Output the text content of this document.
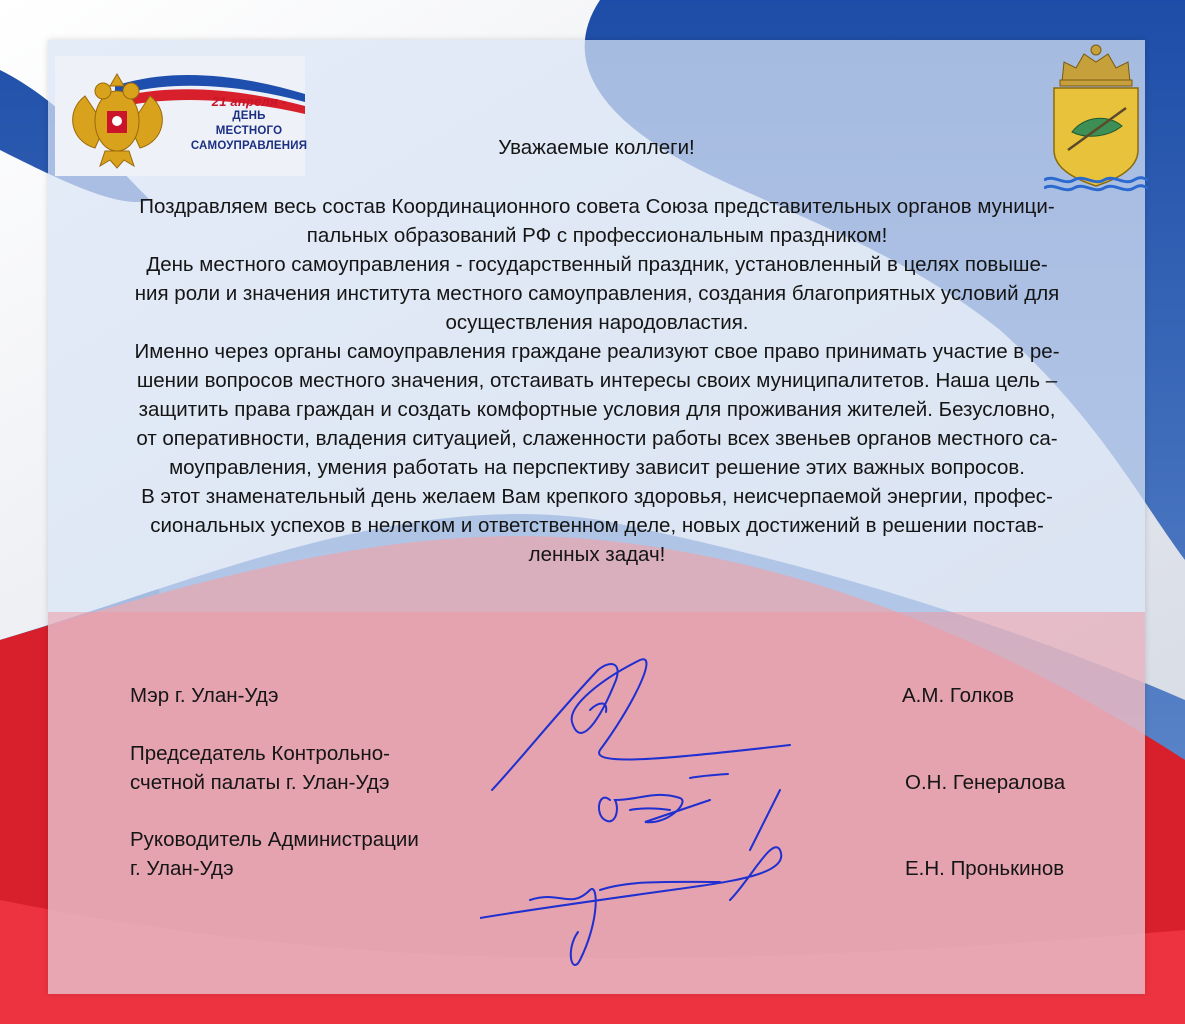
21 апреля -
ДЕНЬ
МЕСТНОГО
САМОУПРАВЛЕНИЯ	Уважаемые коллеги!

Поздравляем весь состав Координационного совета Союза представительных органов муници-

пальных образований РФ с профессиональным праздником!

День местного самоуправления - государственный праздник, установленный в целях повыше-

ния роли и значения института местного самоуправления, создания благоприятных условий для

осуществления народовластия.

Именно через органы самоуправления граждане реализуют свое право принимать участие в ре-

шении вопросов местного значения, отстаивать интересы своих муниципалитетов. Наша цель –

защитить права граждан и создать комфортные условия для проживания жителей. Безусловно,

от оперативности, владения ситуацией, слаженности работы всех звеньев органов местного са-

моуправления, умения работать на перспективу зависит решение этих важных вопросов.

В этот знаменательный день желаем Вам крепкого здоровья, неисчерпаемой энергии, профес-

сиональных успехов в нелегком и ответственном деле, новых достижений в решении постав-

ленных задач!

Мэр г. Улан-Удэ	А.М. Голков
Председатель Контрольно-
счетной палаты г. Улан-Удэ	О.Н. Генералова
Руководитель Администрации
г. Улан-Удэ	Е.Н. Пронькинов
